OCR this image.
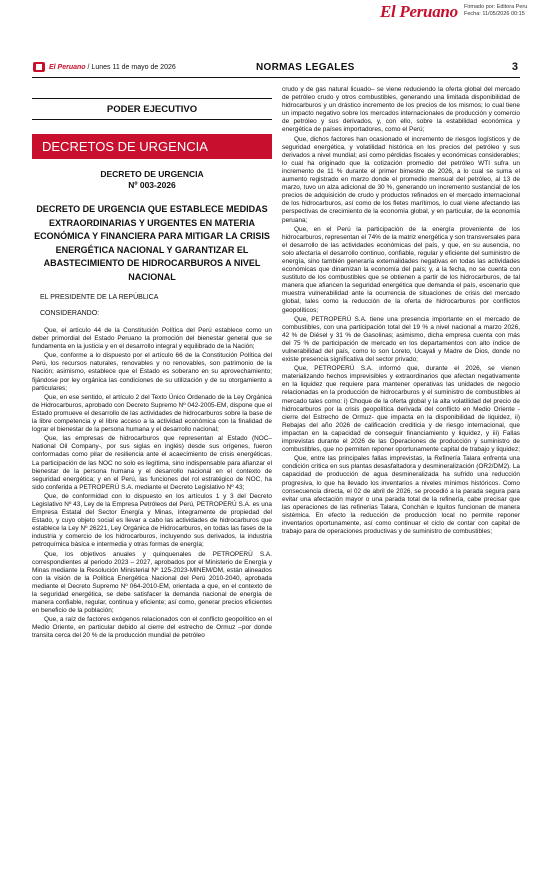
El Peruano Firmado por: Editora Peru
Fecha: 11/05/2026 00:15
El Peruano / Lunes 11 de mayo de 2026	NORMAS LEGALES	3
PODER EJECUTIVO
DECRETOS DE URGENCIA
DECRETO DE URGENCIA
Nº 003-2026
DECRETO DE URGENCIA QUE ESTABLECE MEDIDAS EXTRAORDINARIAS Y URGENTES EN MATERIA ECONÓMICA Y FINANCIERA PARA MITIGAR LA CRISIS ENERGÉTICA NACIONAL Y GARANTIZAR EL ABASTECIMIENTO DE HIDROCARBUROS A NIVEL NACIONAL
EL PRESIDENTE DE LA REPÚBLICA
CONSIDERANDO:

Que, el artículo 44 de la Constitución Política del Perú establece como un deber primordial del Estado Peruano la promoción del bienestar general que se fundamenta en la justicia y en el desarrollo integral y equilibrado de la Nación;

Que, conforme a lo dispuesto por el artículo 66 de la Constitución Política del Perú, los recursos naturales, renovables y no renovables, son patrimonio de la Nación; asimismo, establece que el Estado es soberano en su aprovechamiento; fijándose por ley orgánica las condiciones de su utilización y de su otorgamiento a particulares;

Que, en ese sentido, el artículo 2 del Texto Único Ordenado de la Ley Orgánica de Hidrocarburos, aprobado con Decreto Supremo Nº 042-2005-EM, dispone que el Estado promueve el desarrollo de las actividades de hidrocarburos sobre la base de la libre competencia y el libre acceso a la actividad económica con la finalidad de lograr el bienestar de la persona humana y el desarrollo nacional;

Que, las empresas de hidrocarburos que representan al Estado (NOC– National Oil Company-, por sus siglas en inglés) desde sus orígenes, fueron conformadas como pilar de resiliencia ante el acaecimiento de crisis energéticas. La participación de las NOC no solo es legítima, sino indispensable para afianzar el bienestar de la persona humana y el desarrollo nacional en el contexto de seguridad energética; y en el Perú, las funciones del rol estratégico de NOC, ha sido conferida a PETROPERÚ S.A. mediante el Decreto Legislativo Nº 43;

Que, de conformidad con lo dispuesto en los artículos 1 y 3 del Decreto Legislativo Nº 43, Ley de la Empresa Petróleos del Perú, PETROPERÚ S.A. es una Empresa Estatal del Sector Energía y Minas, íntegramente de propiedad del Estado, y cuyo objeto social es llevar a cabo las actividades de hidrocarburos que establece la Ley Nº 26221, Ley Orgánica de Hidrocarburos, en todas las fases de la industria y comercio de los hidrocarburos, incluyendo sus derivados, la industria petroquímica básica e intermedia y otras formas de energía;

Que, los objetivos anuales y quinquenales de PETROPERÚ S.A. correspondientes al periodo 2023 – 2027, aprobados por el Ministerio de Energía y Minas mediante la Resolución Ministerial Nº 125-2023-MINEM/DM, están alineados con la visión de la Política Energética Nacional del Perú 2010-2040, aprobada mediante el Decreto Supremo Nº 064-2010-EM, orientada a que, en el contexto de la seguridad energética, se debe satisfacer la demanda nacional de energía de manera confiable, regular, continua y eficiente; así como, generar precios eficientes en beneficio de la población;

Que, a raíz de factores exógenos relacionados con el conflicto geopolítico en el Medio Oriente, en particular debido al cierre del estrecho de Ormuz –por donde transita cerca del 20 % de la producción mundial de petróleo

crudo y de gas natural licuado– se viene reduciendo la oferta global del mercado de petróleo crudo y otros combustibles, generando una limitada disponibilidad de hidrocarburos y un drástico incremento de los precios de los mismos; lo cual tiene un impacto negativo sobre los mercados internacionales de producción y comercio de petróleo y sus derivados, y, con ello, sobre la estabilidad económica y energética de países importadores, como el Perú;

Que, dichos factores han ocasionado el incremento de riesgos logísticos y de seguridad energética, y volatilidad histórica en los precios del petróleo y sus derivados a nivel mundial; así como pérdidas fiscales y económicas considerables; lo cual ha originado que la cotización promedio del petróleo WTI sufra un incremento de 11 % durante el primer bimestre de 2026, a lo cual se suma el aumento registrado en marzo donde el promedio mensual del petróleo, al 13 de marzo, tuvo un alza adicional de 30 %, generando un incremento sustancial de los precios de adquisición de crudo y productos refinados en el mercado internacional de los hidrocarburos, así como de los fletes marítimos, lo cual viene afectando las perspectivas de crecimiento de la economía global, y en particular, de la economía peruana;

Que, en el Perú la participación de la energía proveniente de los hidrocarburos, representan el 74% de la matriz energética y son transversales para el desarrollo de las actividades económicas del país, y que, en su ausencia, no solo afectaría el desarrollo continuo, confiable, regular y eficiente del suministro de energía, sino también generaría externalidades negativas en todas las actividades económicas que dinamizan la economía del país; y, a la fecha, no se cuenta con sustituto de los combustibles que se obtienen a partir de los hidrocarburos, de tal manera que afiancen la seguridad energética que demanda el país, escenario que muestra vulnerabilidad ante la ocurrencia de situaciones de crisis del mercado global, tales como la reducción de la oferta de hidrocarburos por conflictos geopolíticos;

Que, PETROPERÚ S.A. tiene una presencia importante en el mercado de combustibles, con una participación total del 19 % a nivel nacional a marzo 2026, 42 % de Diésel y 31 % de Gasolinas; asimismo, dicha empresa cuenta con más del 75 % de participación de mercado en los departamentos con alto índice de vulnerabilidad del país, como lo son Loreto, Ucayali y Madre de Dios, donde no existe presencia significativa del sector privado;

Que, PETROPERÚ S.A. informó que, durante el 2026, se vienen materializando hechos imprevisibles y extraordinarios que afectan negativamente en la liquidez que requiere para mantener operativas las unidades de negocio relacionadas en la producción de hidrocarburos y el suministro de combustibles al mercado tales como: i) Choque de la oferta global y la alta volatilidad del precio de hidrocarburos por la crisis geopolítica derivada del conflicto en Medio Oriente -cierre del Estrecho de Ormuz- que impacta en la disponibilidad de liquidez, ii) Rebajas del año 2026 de calificación crediticia y de riesgo internacional, que impactan en la capacidad de conseguir financiamiento y liquidez, y iii) Fallas imprevistas durante el 2026 de las Operaciones de producción y suministro de combustibles, que no permiten reponer oportunamente capital de trabajo y liquidez;

Que, entre las principales fallas imprevistas, la Refinería Talara enfrenta una condición crítica en sus plantas desasfaltadora y desmineralización (OR2/DM2). La capacidad de producción de agua desmineralizada ha sufrido una reducción progresiva, lo que ha llevado los inventarios a niveles mínimos históricos. Como consecuencia directa, el 02 de abril de 2026, se procedió a la parada segura para evitar una afectación mayor o una parada total de la refinería, cabe precisar que las operaciones de las refinerías Talara, Conchán e Iquitos funcionan de manera sistémica. En efecto la reducción de producción local no permite reponer inventarios oportunamente, así como continuar el ciclo de contar con capital de trabajo para de operaciones productivas y de suministro de combustibles;
